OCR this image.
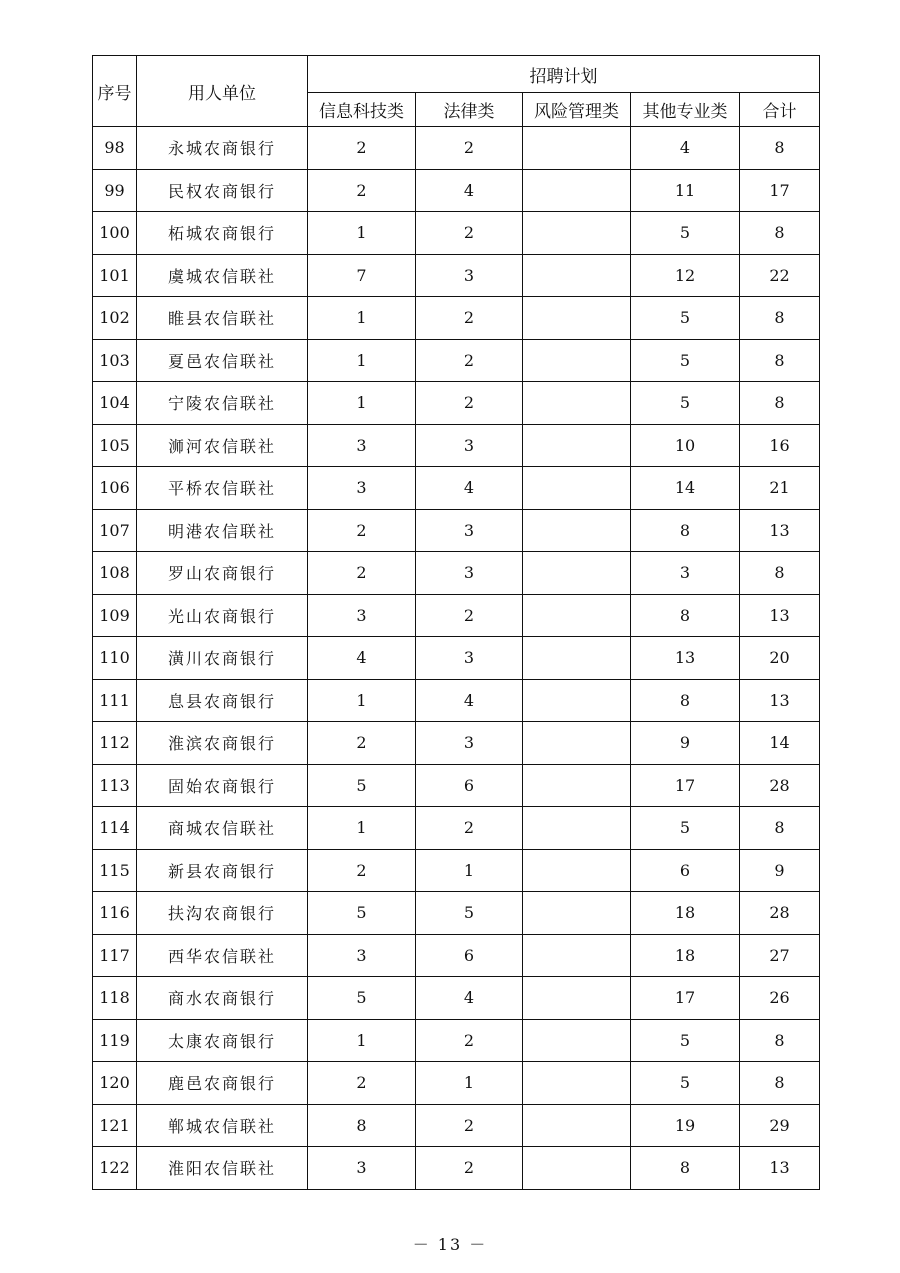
序号	用人单位	招聘计划				
		信息科技类	法律类	风险管理类	其他专业类	合计
98	永城农商银行	2	2		4	8
99	民权农商银行	2	4		11	17
100	柘城农商银行	1	2		5	8
101	虞城农信联社	7	3		12	22
102	睢县农信联社	1	2		5	8
103	夏邑农信联社	1	2		5	8
104	宁陵农信联社	1	2		5	8
105	浉河农信联社	3	3		10	16
106	平桥农信联社	3	4		14	21
107	明港农信联社	2	3		8	13
108	罗山农商银行	2	3		3	8
109	光山农商银行	3	2		8	13
110	潢川农商银行	4	3		13	20
111	息县农商银行	1	4		8	13
112	淮滨农商银行	2	3		9	14
113	固始农商银行	5	6		17	28
114	商城农信联社	1	2		5	8
115	新县农商银行	2	1		6	9
116	扶沟农商银行	5	5		18	28
117	西华农信联社	3	6		18	27
118	商水农商银行	5	4		17	26
119	太康农商银行	1	2		5	8
120	鹿邑农商银行	2	1		5	8
121	郸城农信联社	8	2		19	29
122	淮阳农信联社	3	2		8	13
－ 13 －
